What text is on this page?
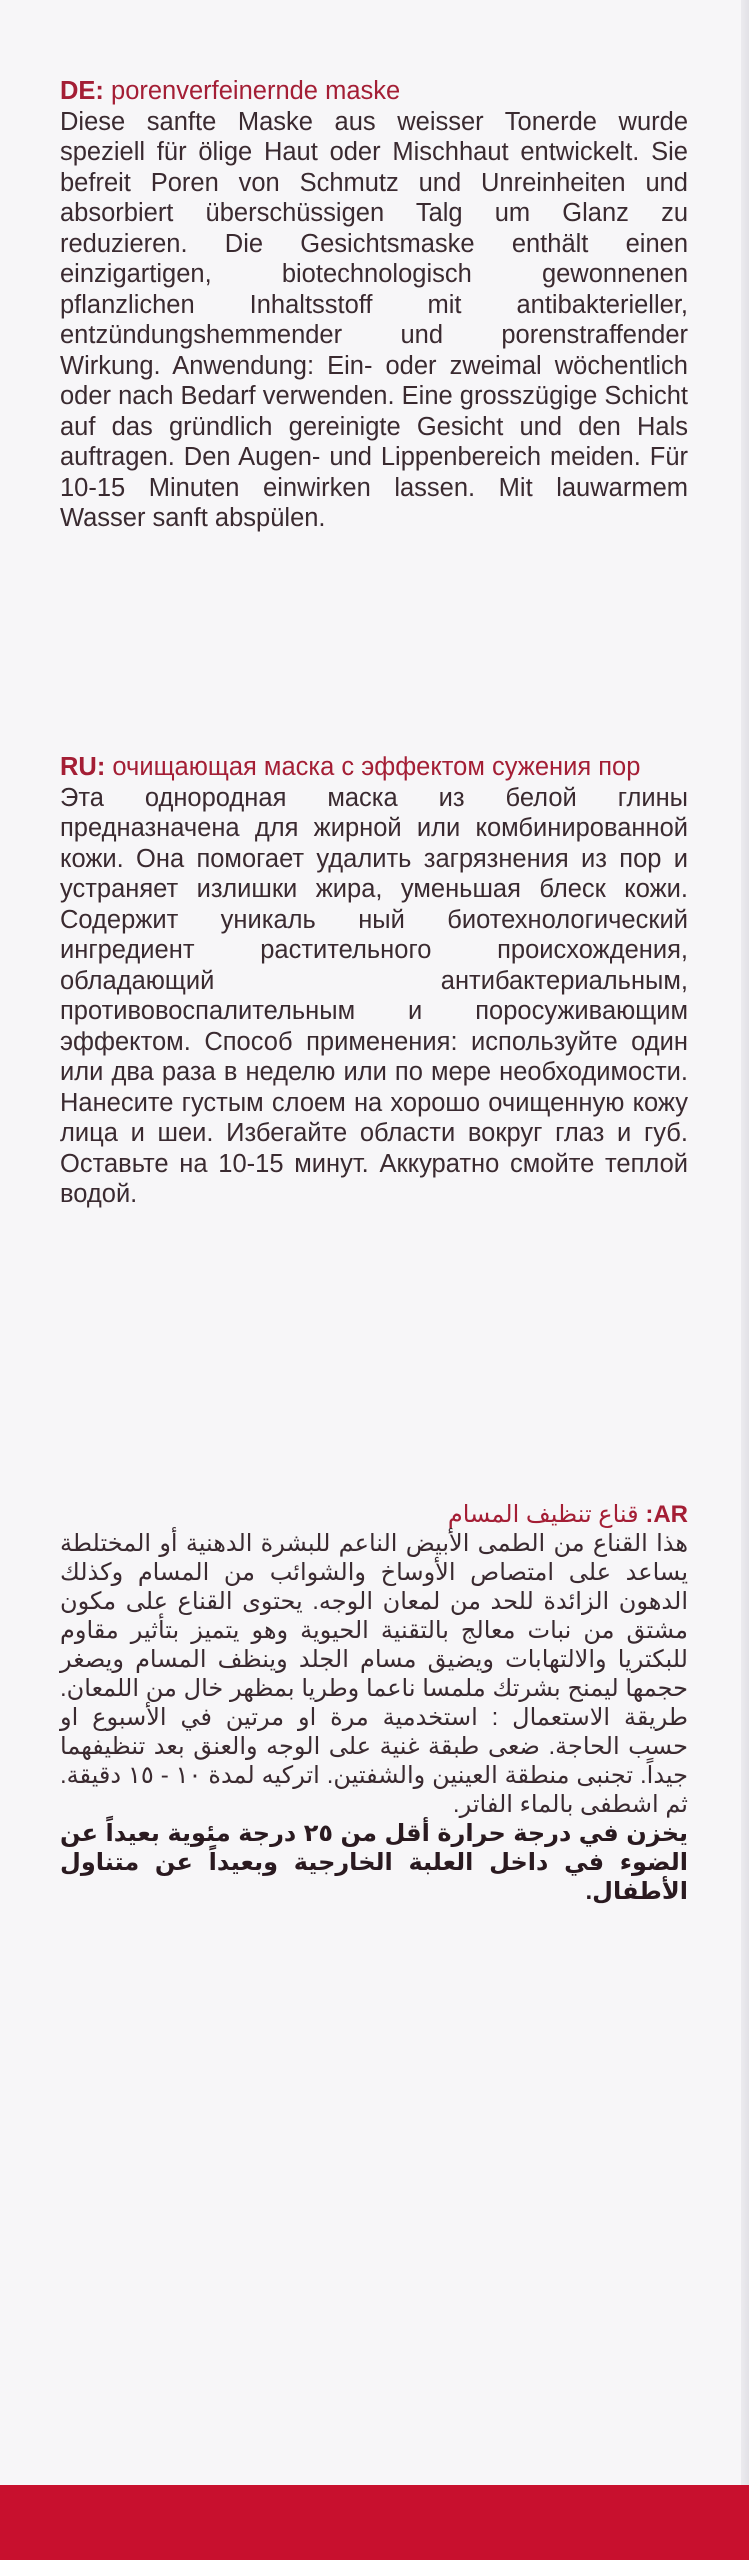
DE: porenverfeinernde maske
Diese sanfte Maske aus weisser Tonerde wurde speziell für ölige Haut oder Mischhaut entwickelt. Sie befreit Poren von Schmutz und Unreinheiten und absorbiert überschüssigen Talg um Glanz zu reduzieren. Die Gesichtsmaske enthält einen einzigartigen, biotechnologisch gewonnenen pflanzlichen Inhaltsstoff mit antibakterieller, entzündungshemmender und porenstraffender Wirkung. Anwendung: Ein- oder zweimal wöchentlich oder nach Bedarf verwenden. Eine grosszügige Schicht auf das gründlich gereinigte Gesicht und den Hals auftragen. Den Augen- und Lippenbereich meiden. Für 10-15 Minuten einwirken lassen. Mit lauwarmem Wasser sanft abspülen.
RU: очищающая маска с эффектом сужения пор
Эта однородная маска из белой глины предназначена для жирной или комбинированной кожи. Она помогает удалить загрязнения из пор и устраняет излишки жира, уменьшая блеск кожи. Содержит уникаль ный биотехнологический ингредиент растительного происхождения, обладающий антибактериальным, противовоспалительным и поросуживающим эффектом. Способ применения: используйте один или два раза в неделю или по мере необходимости. Нанесите густым слоем на хорошо очищенную кожу лица и шеи. Избегайте области вокруг глаз и губ. Оставьте на 10-15 минут. Аккуратно смойте теплой водой.
AR: قناع تنظيف المسام
هذا القناع من الطمى الأبيض الناعم للبشرة الدهنية أو المختلطة يساعد على امتصاص الأوساخ والشوائب من المسام وكذلك الدهون الزائدة للحد من لمعان الوجه. يحتوى القناع على مكون مشتق من نبات معالج بالتقنية الحيوية وهو يتميز بتأثير مقاوم للبكتريا والالتهابات ويضيق مسام الجلد وينظف المسام ويصغر حجمها ليمنح بشرتك ملمسا ناعما وطريا بمظهر خال من اللمعان. طريقة الاستعمال : استخدمية مرة او مرتين في الأسبوع او حسب الحاجة. ضعى طبقة غنية على الوجه والعنق بعد تنظيفهما جيداً. تجنبى منطقة العينين والشفتين. اتركيه لمدة ١٠ - ١٥ دقيقة. ثم اشطفى بالماء الفاتر.
يخزن في درجة حرارة أقل من ٢٥ درجة مئوية بعيداً عن الضوء في داخل العلبة الخارجية وبعيداً عن متناول الأطفال.
